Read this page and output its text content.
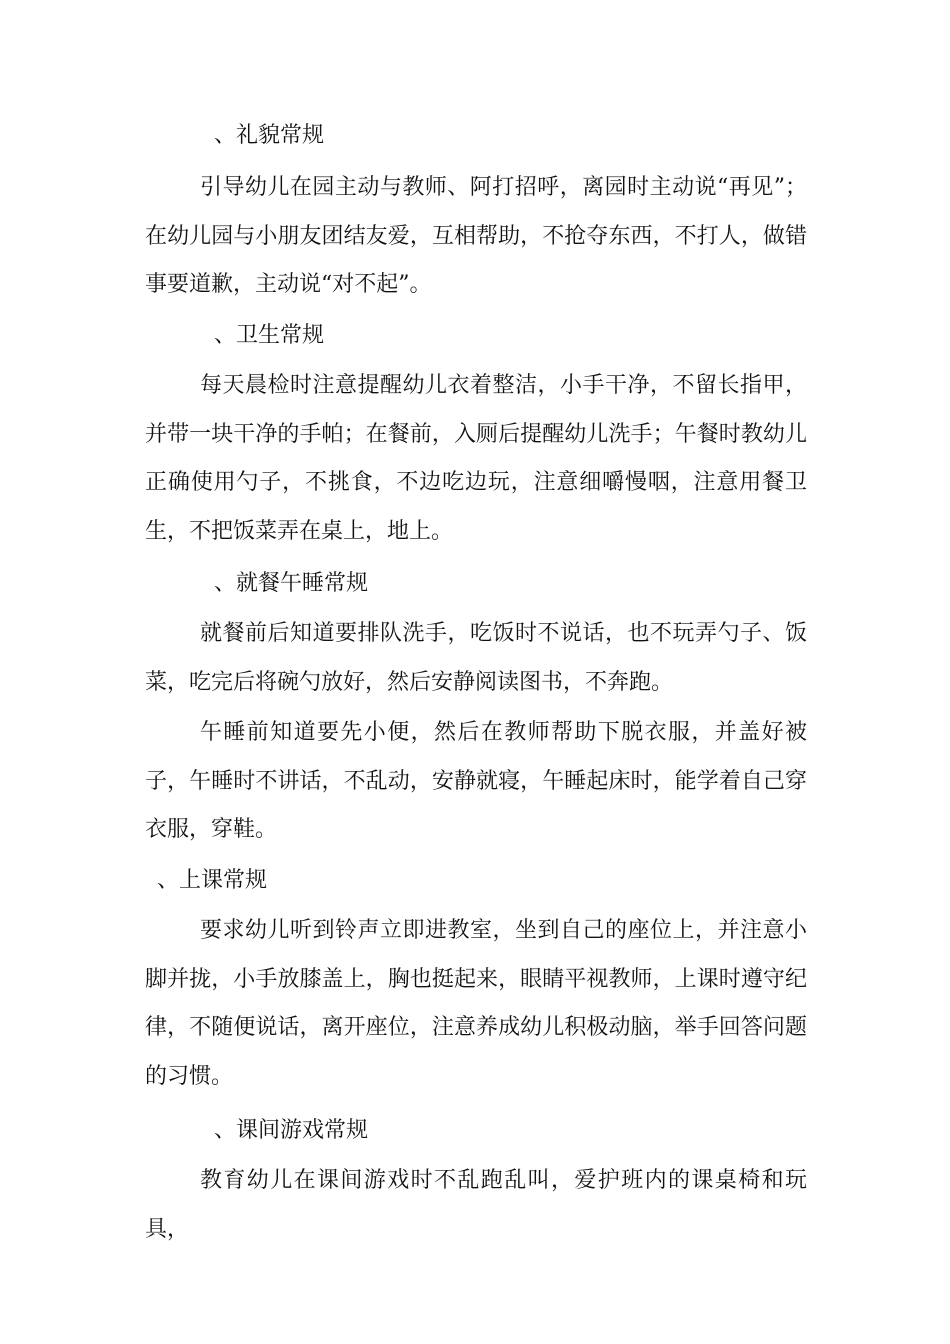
、礼貌常规

引导幼儿在园主动与教师、阿打招呼，离园时主动说“再见”；在幼儿园与小朋友团结友爱，互相帮助，不抢夺东西，不打人，做错事要道歉，主动说“对不起”。

、卫生常规

每天晨检时注意提醒幼儿衣着整洁，小手干净，不留长指甲，并带一块干净的手帕；在餐前，入厕后提醒幼儿洗手；午餐时教幼儿正确使用勺子，不挑食，不边吃边玩，注意细嚼慢咽，注意用餐卫生，不把饭菜弄在桌上，地上。

、就餐午睡常规

就餐前后知道要排队洗手，吃饭时不说话，也不玩弄勺子、饭菜，吃完后将碗勺放好，然后安静阅读图书，不奔跑。

午睡前知道要先小便，然后在教师帮助下脱衣服，并盖好被子，午睡时不讲话，不乱动，安静就寝，午睡起床时，能学着自己穿衣服，穿鞋。

、上课常规

要求幼儿听到铃声立即进教室，坐到自己的座位上，并注意小脚并拢，小手放膝盖上，胸也挺起来，眼睛平视教师，上课时遵守纪律，不随便说话，离开座位，注意养成幼儿积极动脑，举手回答问题的习惯。

、课间游戏常规

教育幼儿在课间游戏时不乱跑乱叫，爱护班内的课桌椅和玩具，
